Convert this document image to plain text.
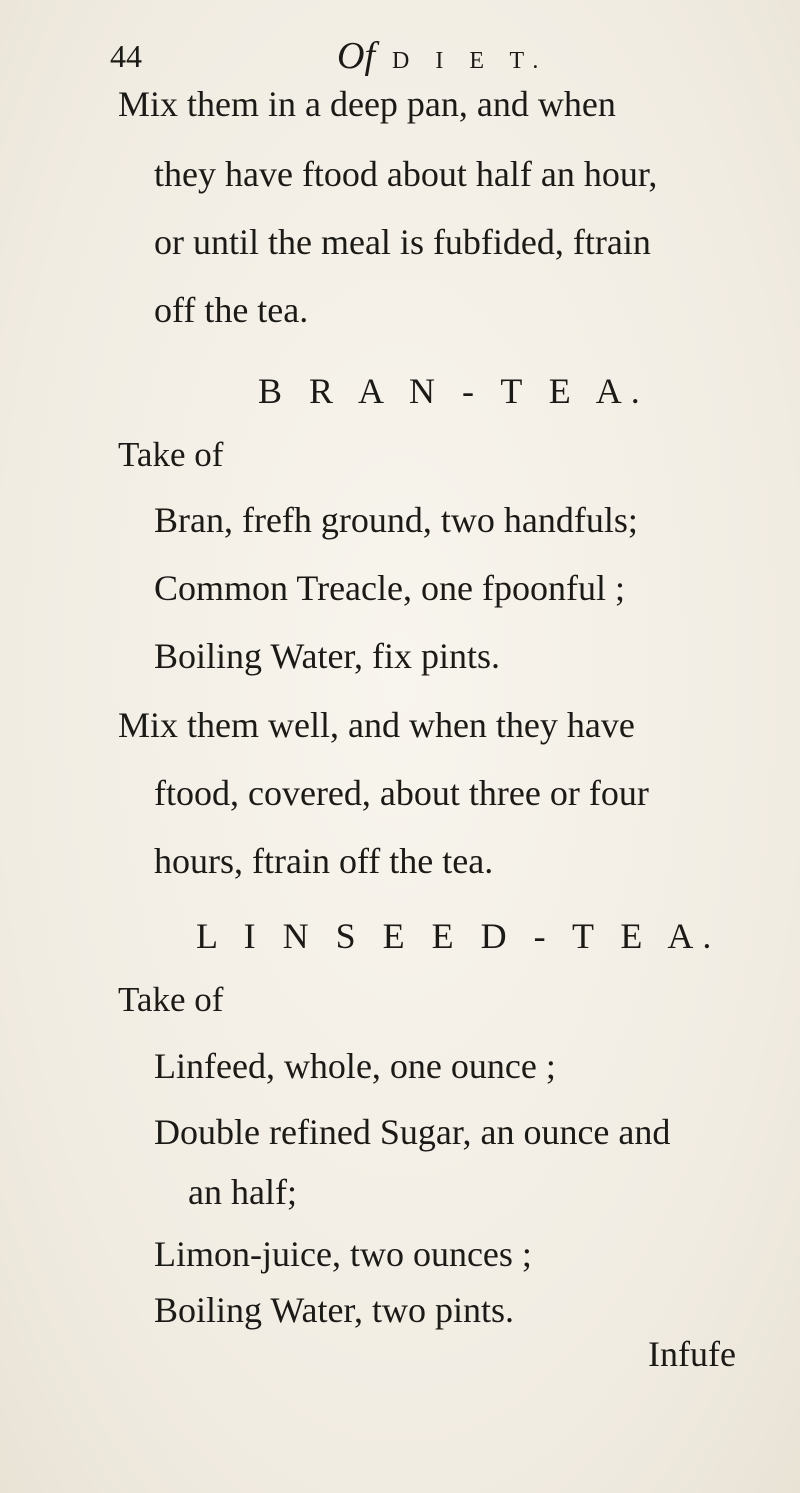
44	Of D I E T.
Mix them in a deep pan, and when
they have ftood about half an hour,
or until the meal is fubfided, ftrain
off the tea.
B R A N - T E A.
Take of
Bran, frefh ground, two handfuls;
Common Treacle, one fpoonful ;
Boiling Water, fix pints.
Mix them well, and when they have
ftood, covered, about three or four
hours, ftrain off the tea.
L I N S E E D - T E A.
Take of
Linfeed, whole, one ounce ;
Double refined Sugar, an ounce and
an half;
Limon-juice, two ounces ;
Boiling Water, two pints.
Infufe
